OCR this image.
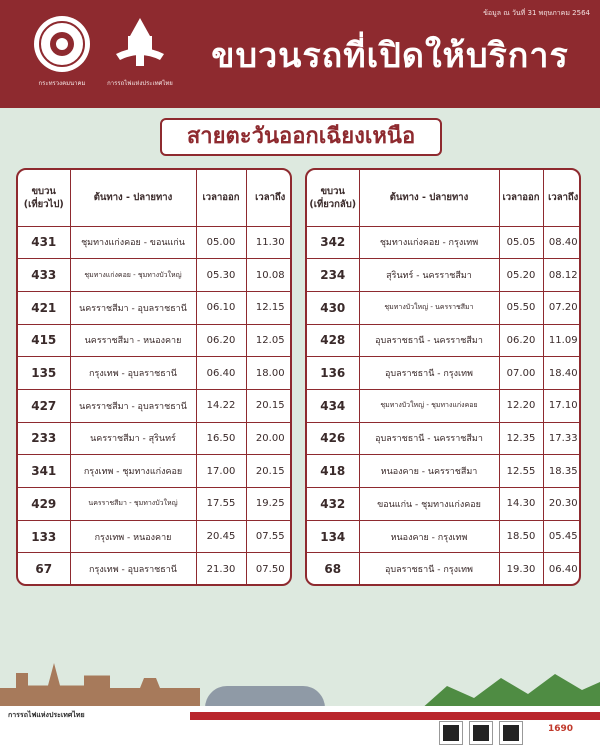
ข้อมูล ณ วันที่ 31 พฤษภาคม 2564
กระทรวงคมนาคม	การรถไฟแห่งประเทศไทย
ขบวนรถที่เปิดให้บริการ
สายตะวันออกเฉียงเหนือ
ขบวน
(เที่ยวไป)	ต้นทาง - ปลายทาง	เวลาออก	เวลาถึง
431	ชุมทางแก่งคอย - ขอนแก่น	05.00	11.30
433	ชุมทางแก่งคอย - ชุมทางบัวใหญ่	05.30	10.08
421	นครราชสีมา - อุบลราชธานี	06.10	12.15
415	นครราชสีมา - หนองคาย	06.20	12.05
135	กรุงเทพ - อุบลราชธานี	06.40	18.00
427	นครราชสีมา - อุบลราชธานี	14.22	20.15
233	นครราชสีมา - สุรินทร์	16.50	20.00
341	กรุงเทพ - ชุมทางแก่งคอย	17.00	20.15
429	นครราชสีมา - ชุมทางบัวใหญ่	17.55	19.25
133	กรุงเทพ - หนองคาย	20.45	07.55
67	กรุงเทพ - อุบลราชธานี	21.30	07.50
ขบวน
(เที่ยวกลับ)	ต้นทาง - ปลายทาง	เวลาออก	เวลาถึง
342	ชุมทางแก่งคอย - กรุงเทพ	05.05	08.40
234	สุรินทร์ - นครราชสีมา	05.20	08.12
430	ชุมทางบัวใหญ่ - นครราชสีมา	05.50	07.20
428	อุบลราชธานี - นครราชสีมา	06.20	11.09
136	อุบลราชธานี - กรุงเทพ	07.00	18.40
434	ชุมทางบัวใหญ่ - ชุมทางแก่งคอย	12.20	17.10
426	อุบลราชธานี - นครราชสีมา	12.35	17.33
418	หนองคาย - นครราชสีมา	12.55	18.35
432	ขอนแก่น - ชุมทางแก่งคอย	14.30	20.30
134	หนองคาย - กรุงเทพ	18.50	05.45
68	อุบลราชธานี - กรุงเทพ	19.30	06.40
การรถไฟแห่งประเทศไทย
1690
